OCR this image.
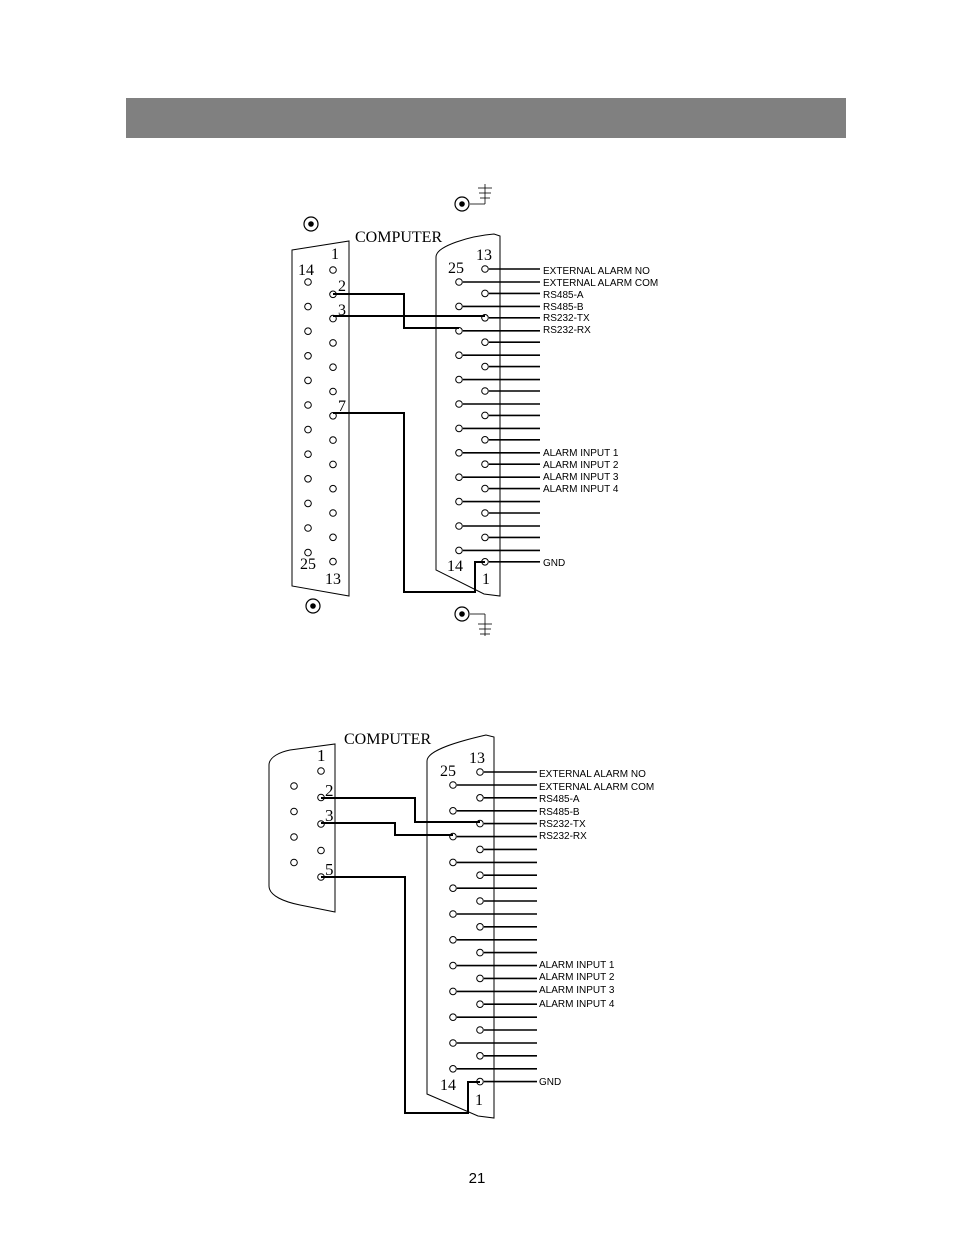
COMPUTER
1
14
2
3
7
25
13
13
25
14
1
EXTERNAL ALARM NO
EXTERNAL ALARM COM
RS485-A
RS485-B
RS232-TX
RS232-RX
ALARM INPUT 1
ALARM INPUT 2
ALARM INPUT 3
ALARM INPUT 4
GND
COMPUTER
1
2
3
5
13
25
14
1
EXTERNAL ALARM NO
EXTERNAL ALARM COM
RS485-A
RS485-B
RS232-TX
RS232-RX
ALARM INPUT 1
ALARM INPUT 2
ALARM INPUT 3
ALARM INPUT 4
GND
21
